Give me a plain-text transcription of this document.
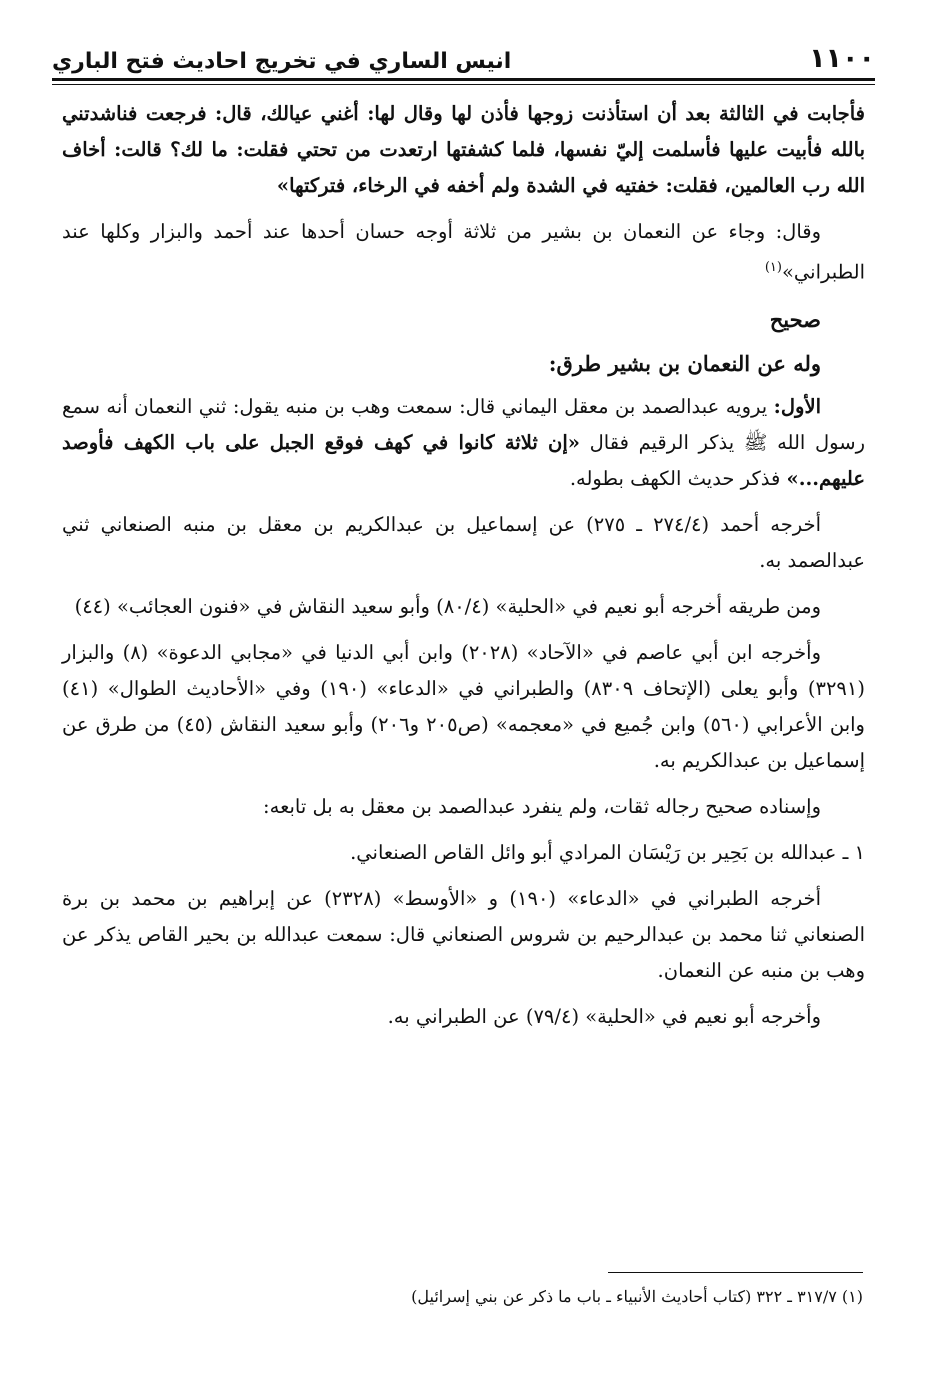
١١٠٠
انيس الساري في تخريج احاديث فتح الباري

فأجابت في الثالثة بعد أن استأذنت زوجها فأذن لها وقال لها: أغني عيالك، قال: فرجعت فناشدتني بالله فأبيت عليها فأسلمت إليّ نفسها، فلما كشفتها ارتعدت من تحتي فقلت: ما لك؟ قالت: أخاف الله رب العالمين، فقلت: خفتيه في الشدة ولم أخفه في الرخاء، فتركتها»

وقال: وجاء عن النعمان بن بشير من ثلاثة أوجه حسان أحدها عند أحمد والبزار وكلها عند الطبراني»$^{(١)}$

صحيح
وله عن النعمان بن بشير طرق:

الأول: يرويه عبدالصمد بن معقل اليماني قال: سمعت وهب بن منبه يقول: ثني النعمان أنه سمع رسول الله ﷺ يذكر الرقيم فقال «إن ثلاثة كانوا في كهف فوقع الجبل على باب الكهف فأوصد عليهم...» فذكر حديث الكهف بطوله.

أخرجه أحمد (٢٧٤/٤ ـ ٢٧٥) عن إسماعيل بن عبدالكريم بن معقل بن منبه الصنعاني ثني عبدالصمد به.

ومن طريقه أخرجه أبو نعيم في «الحلية» (٨٠/٤) وأبو سعيد النقاش في «فنون العجائب» (٤٤)

وأخرجه ابن أبي عاصم في «الآحاد» (٢٠٢٨) وابن أبي الدنيا في «مجابي الدعوة» (٨) والبزار (٣٢٩١) وأبو يعلى (الإتحاف ٨٣٠٩) والطبراني في «الدعاء» (١٩٠) وفي «الأحاديث الطوال» (٤١) وابن الأعرابي (٥٦٠) وابن جُميع في «معجمه» (ص٢٠٥ و٢٠٦) وأبو سعيد النقاش (٤٥) من طرق عن إسماعيل بن عبدالكريم به.

وإسناده صحيح رجاله ثقات، ولم ينفرد عبدالصمد بن معقل به بل تابعه:

١ ـ عبدالله بن بَحِير بن رَيْسَان المرادي أبو وائل القاص الصنعاني.

أخرجه الطبراني في «الدعاء» (١٩٠) و «الأوسط» (٢٣٢٨) عن إبراهيم بن محمد بن برة الصنعاني ثنا محمد بن عبدالرحيم بن شروس الصنعاني قال: سمعت عبدالله بن بحير القاص يذكر عن وهب بن منبه عن النعمان.

وأخرجه أبو نعيم في «الحلية» (٧٩/٤) عن الطبراني به.

(١) ٣١٧/٧ ـ ٣٢٢ (كتاب أحاديث الأنبياء ـ باب ما ذكر عن بني إسرائيل)
